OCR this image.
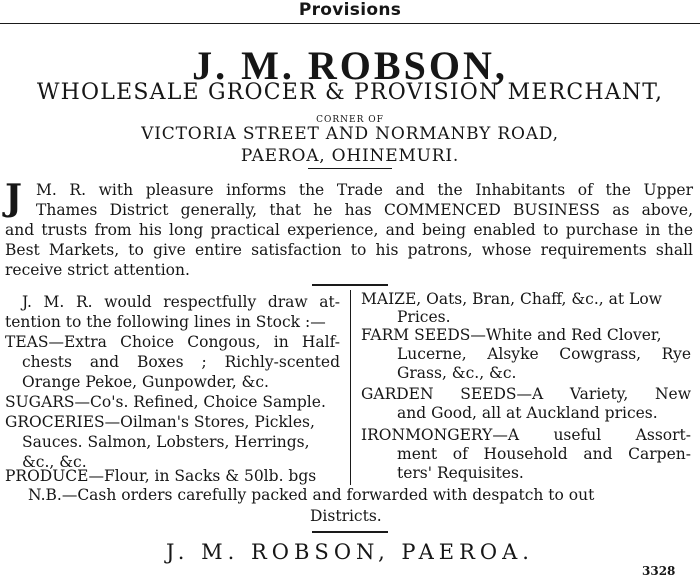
Provisions
J. M. ROBSON,
WHOLESALE GROCER & PROVISION MERCHANT,
CORNER OF
VICTORIA STREET AND NORMANBY ROAD,
PAEROA, OHINEMURI.
J M. R. with pleasure informs the Trade and the Inhabitants of the Upper
Thames District generally, that he has COMMENCED BUSINESS as above,
and trusts from his long practical experience, and being enabled to purchase in the
Best Markets, to give entire satisfaction to his patrons, whose requirements shall
receive strict attention.
J. M. R. would respectfully draw at-
tention to the following lines in Stock :—
TEAS—Extra Choice Congous, in Half-
chests and Boxes ; Richly-scented
Orange Pekoe, Gunpowder, &c.
SUGARS—Co's. Refined, Choice Sample.
GROCERIES—Oilman's Stores, Pickles,
Sauces. Salmon, Lobsters, Herrings,
&c., &c.
PRODUCE—Flour, in Sacks & 50lb. bgs
MAIZE, Oats, Bran, Chaff, &c., at Low
Prices.
FARM SEEDS—White and Red Clover,
Lucerne, Alsyke Cowgrass, Rye
Grass, &c., &c.
GARDEN SEEDS—A Variety, New
and Good, all at Auckland prices.
IRONMONGERY—A useful Assort-
ment of Household and Carpen-
ters' Requisites.
N.B.—Cash orders carefully packed and forwarded with despatch to out
Districts.
J. M. ROBSON, PAEROA.
3328
